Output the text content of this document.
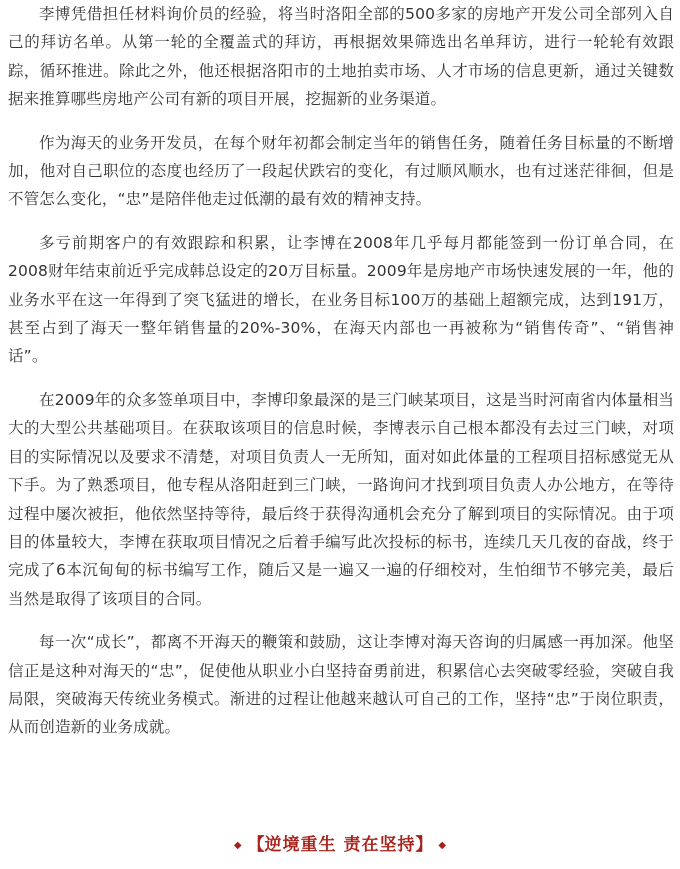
李博凭借担任材料询价员的经验，将当时洛阳全部的500多家的房地产开发公司全部列入自己的拜访名单。从第一轮的全覆盖式的拜访，再根据效果筛选出名单拜访，进行一轮轮有效跟踪，循环推进。除此之外，他还根据洛阳市的土地拍卖市场、人才市场的信息更新，通过关键数据来推算哪些房地产公司有新的项目开展，挖掘新的业务渠道。

作为海天的业务开发员，在每个财年初都会制定当年的销售任务，随着任务目标量的不断增加，他对自己职位的态度也经历了一段起伏跌宕的变化，有过顺风顺水，也有过迷茫徘徊，但是不管怎么变化，“忠”是陪伴他走过低潮的最有效的精神支持。

多亏前期客户的有效跟踪和积累，让李博在2008年几乎每月都能签到一份订单合同，在2008财年结束前近乎完成韩总设定的20万目标量。2009年是房地产市场快速发展的一年，他的业务水平在这一年得到了突飞猛进的增长，在业务目标100万的基础上超额完成，达到191万，甚至占到了海天一整年销售量的20%-30%，在海天内部也一再被称为“销售传奇”、“销售神话”。

在2009年的众多签单项目中，李博印象最深的是三门峡某项目，这是当时河南省内体量相当大的大型公共基础项目。在获取该项目的信息时候，李博表示自己根本都没有去过三门峡，对项目的实际情况以及要求不清楚，对项目负责人一无所知，面对如此体量的工程项目招标感觉无从下手。为了熟悉项目，他专程从洛阳赶到三门峡，一路询问才找到项目负责人办公地方，在等待过程中屡次被拒，他依然坚持等待，最后终于获得沟通机会充分了解到项目的实际情况。由于项目的体量较大，李博在获取项目情况之后着手编写此次投标的标书，连续几天几夜的奋战，终于完成了6本沉甸甸的标书编写工作，随后又是一遍又一遍的仔细校对，生怕细节不够完美，最后当然是取得了该项目的合同。

每一次“成长”，都离不开海天的鞭策和鼓励，这让李博对海天咨询的归属感一再加深。他坚信正是这种对海天的“忠”，促使他从职业小白坚持奋勇前进，积累信心去突破零经验，突破自我局限，突破海天传统业务模式。渐进的过程让他越来越认可自己的工作，坚持“忠”于岗位职责，从而创造新的业务成就。

◆ 【逆境重生 责在坚持】 ◆
